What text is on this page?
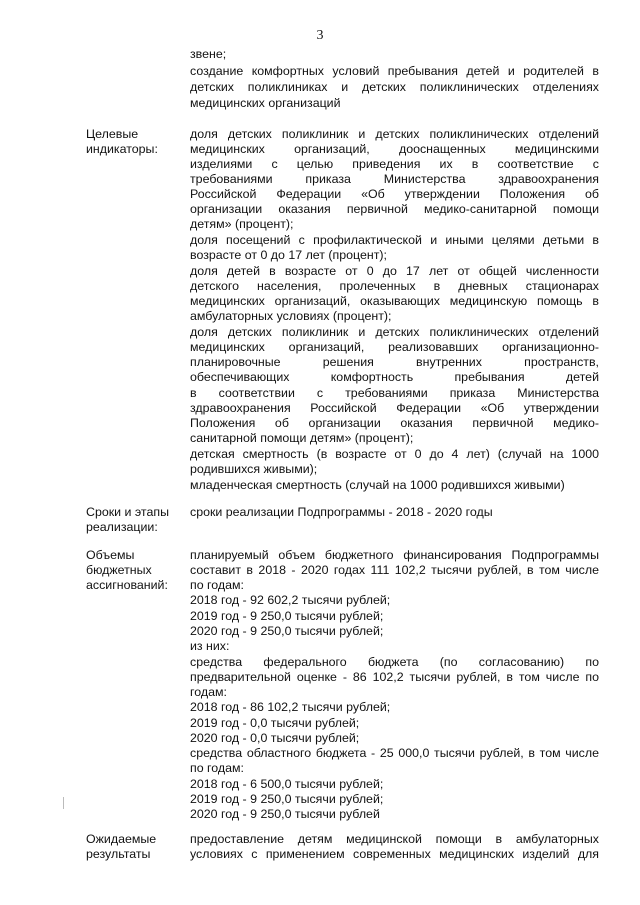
3
звене;
создание комфортных условий пребывания детей и родителей в
детских поликлиниках и детских поликлинических отделениях
медицинских организаций
Целевые
индикаторы:
доля детских поликлиник и детских поликлинических отделений
медицинских организаций, дооснащенных медицинскими
изделиями с целью приведения их в соответствие с
требованиями приказа Министерства здравоохранения
Российской Федерации «Об утверждении Положения об
организации оказания первичной медико-санитарной помощи
детям» (процент);
доля посещений с профилактической и иными целями детьми в
возрасте от 0 до 17 лет (процент);
доля детей в возрасте от 0 до 17 лет от общей численности
детского населения, пролеченных в дневных стационарах
медицинских организаций, оказывающих медицинскую помощь в
амбулаторных условиях (процент);
доля детских поликлиник и детских поликлинических отделений
медицинских организаций, реализовавших организационно-
планировочные решения внутренних пространств,
обеспечивающих комфортность пребывания детей
в соответствии с требованиями приказа Министерства
здравоохранения Российской Федерации «Об утверждении
Положения об организации оказания первичной медико-
санитарной помощи детям» (процент);
детская смертность (в возрасте от 0 до 4 лет) (случай на 1000
родившихся живыми);
младенческая смертность (случай на 1000 родившихся живыми)
Сроки и этапы
реализации:
сроки реализации Подпрограммы - 2018 - 2020 годы
Объемы
бюджетных
ассигнований:
планируемый объем бюджетного финансирования Подпрограммы
составит в 2018 - 2020 годах 111 102,2 тысячи рублей, в том числе
по годам:
2018 год - 92 602,2 тысячи рублей;
2019 год - 9 250,0 тысячи рублей;
2020 год - 9 250,0 тысячи рублей;
из них:
средства федерального бюджета (по согласованию) по
предварительной оценке - 86 102,2 тысячи рублей, в том числе по
годам:
2018 год - 86 102,2 тысячи рублей;
2019 год - 0,0 тысячи рублей;
2020 год - 0,0 тысячи рублей;
средства областного бюджета - 25 000,0 тысячи рублей, в том числе
по годам:
2018 год - 6 500,0 тысячи рублей;
2019 год - 9 250,0 тысячи рублей;
2020 год - 9 250,0 тысячи рублей
Ожидаемые
результаты
предоставление детям медицинской помощи в амбулаторных
условиях с применением современных медицинских изделий для
